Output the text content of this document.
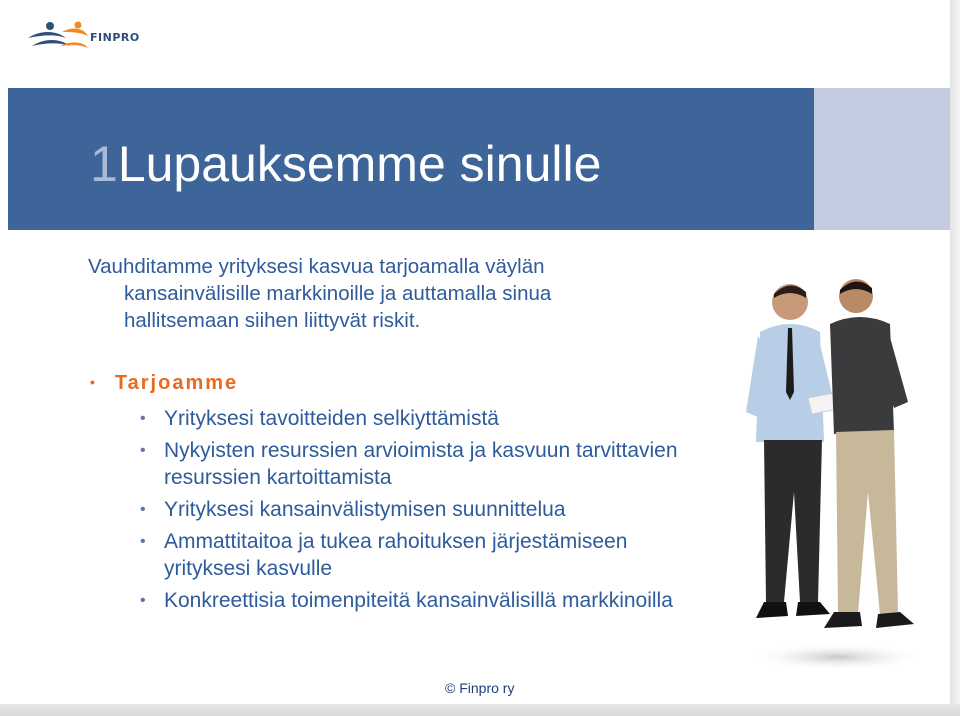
FINPRO
1Lupauksemme sinulle

Vauhditamme yrityksesi kasvua tarjoamalla väylän
kansainvälisille markkinoille ja auttamalla sinua
hallitsemaan siihen liittyvät riskit.

• Tarjoamme
• Yrityksesi tavoitteiden selkiyttämistä
• Nykyisten resurssien arvioimista ja kasvuun tarvittavien resurssien kartoittamista
• Yrityksesi kansainvälistymisen suunnittelua
• Ammattitaitoa ja tukea rahoituksen järjestämiseen yrityksesi kasvulle
• Konkreettisia toimenpiteitä kansainvälisillä markkinoilla
© Finpro ry
